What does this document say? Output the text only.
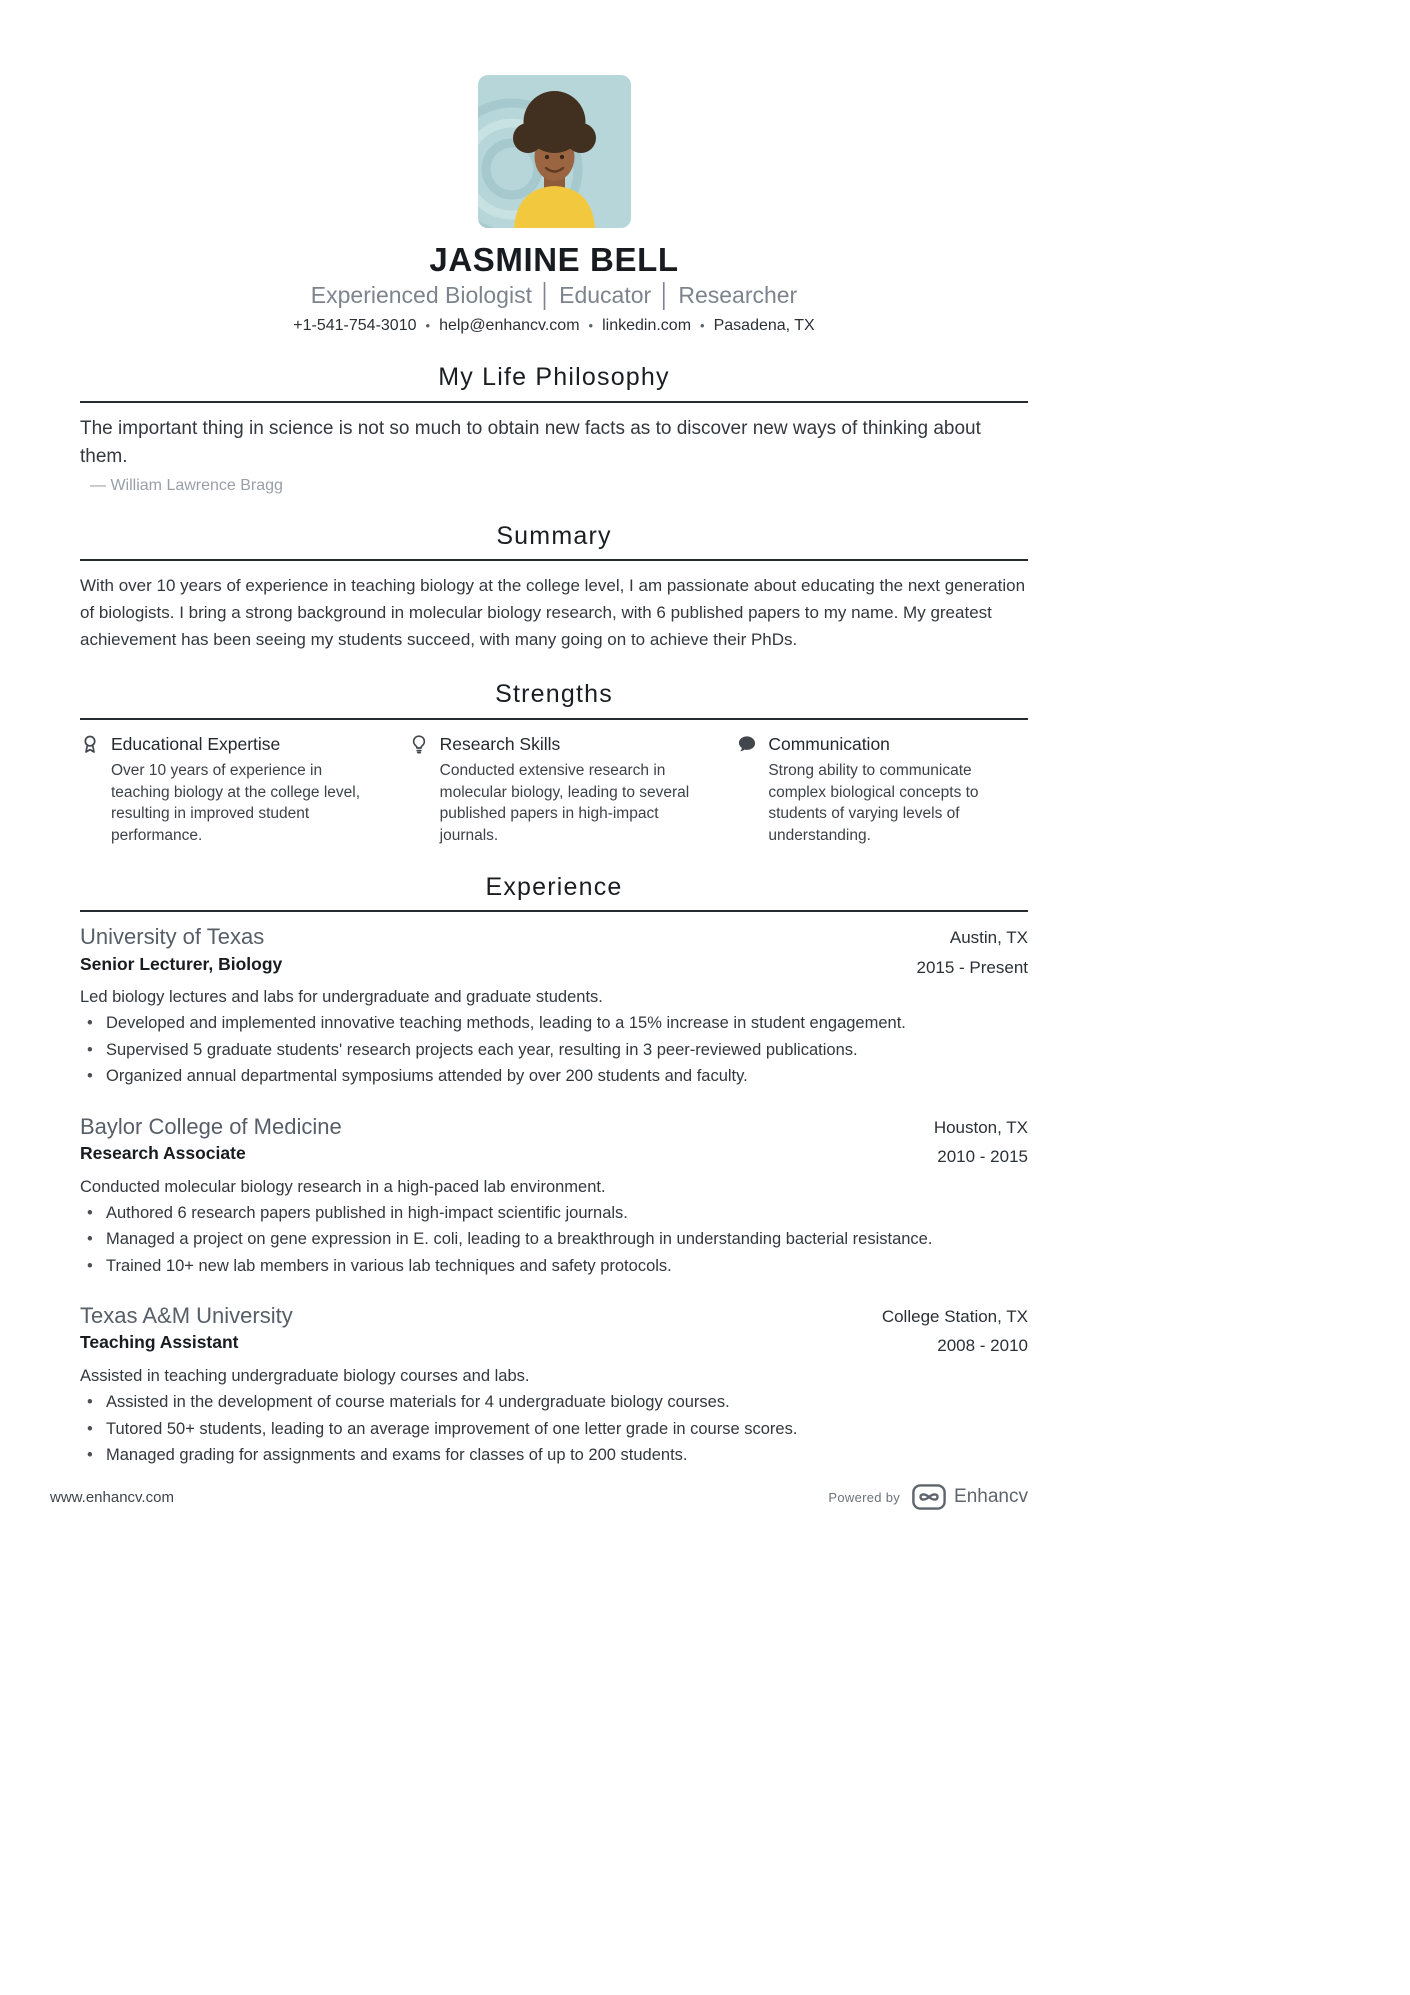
JASMINE BELL
Experienced Biologist │ Educator │ Researcher
+1-541-754-3010 • help@enhancv.com • linkedin.com • Pasadena, TX
My Life Philosophy

The important thing in science is not so much to obtain new facts as to discover new ways of thinking about them.

— William Lawrence Bragg
Summary

With over 10 years of experience in teaching biology at the college level, I am passionate about educating the next generation of biologists. I bring a strong background in molecular biology research, with 6 published papers to my name. My greatest achievement has been seeing my students succeed, with many going on to achieve their PhDs.

Strengths
Educational Expertise

Over 10 years of experience in teaching biology at the college level, resulting in improved student performance.

Research Skills

Conducted extensive research in molecular biology, leading to several published papers in high-impact journals.

Communication

Strong ability to communicate complex biological concepts to students of varying levels of understanding.

Experience
University of Texas
Senior Lecturer, Biology
Austin, TX
2015 - Present

Led biology lectures and labs for undergraduate and graduate students.

• Developed and implemented innovative teaching methods, leading to a 15% increase in student engagement.
• Supervised 5 graduate students' research projects each year, resulting in 3 peer-reviewed publications.
• Organized annual departmental symposiums attended by over 200 students and faculty.
Baylor College of Medicine
Research Associate
Houston, TX
2010 - 2015

Conducted molecular biology research in a high-paced lab environment.

• Authored 6 research papers published in high-impact scientific journals.
• Managed a project on gene expression in E. coli, leading to a breakthrough in understanding bacterial resistance.
• Trained 10+ new lab members in various lab techniques and safety protocols.
Texas A&M University
Teaching Assistant
College Station, TX
2008 - 2010

Assisted in teaching undergraduate biology courses and labs.

• Assisted in the development of course materials for 4 undergraduate biology courses.
• Tutored 50+ students, leading to an average improvement of one letter grade in course scores.
• Managed grading for assignments and exams for classes of up to 200 students.
www.enhancv.com	Powered by	Enhancv
